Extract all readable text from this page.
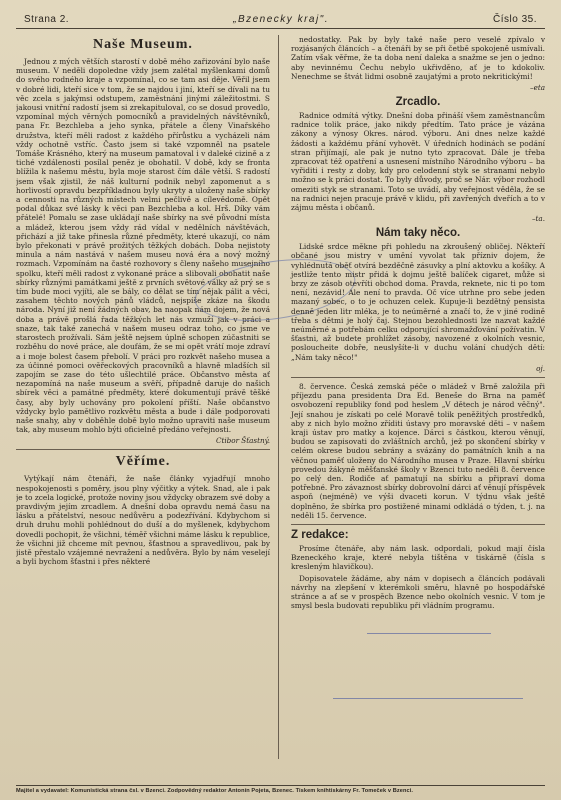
Strana 2.	„Bzenecky kraj".	Číslo 35.
Naše Museum.

Jednou z mých větších starostí v době mého zařizování bylo naše museum. V neděli dopoledne vždy jsem zalétal myšlenkami domů do svého rodného kraje a vzpomínal, co se tam asi děje. Věřil jsem v dobré lidi, kteří sice v tom, že se najdou i jiní, kteří se dívali na tu věc zcela s jakýmsi odstupem, zaměstnání jinými záležitostmi. S jakousi vnitřní radostí jsem si zrekapituloval, co se dosud provedlo, vzpomínal mých věrných pomocníků a pravidelných návštěvníků, pana Fr. Bezchleba a jeho synka, přátele a členy Vinařského družstva, kteří měli radost z každého přírůstku a vycházeli nám vždy ochotně vstříc. Často jsem si také vzpomněl na psatele Tomáše Krásného, který na museum pamatoval i v daleké cizině a z tiché vzdálenosti posílal peněz je obohatil. V době, kdy se fronta blížila k našemu městu, byla moje starost čím dále větší. S radostí jsem však zjistil, že náš kulturní podnik nebyl zapomenut a s horlivostí opravdu bezpříkladnou byly ukryty a uloženy naše sbírky a cennosti na různých místech velmi pečlivě a cílevědomě. Opět podal důkaz své lásky k věci pan Bezchleba a kol. Hrš. Díky vám přátelé! Pomalu se zase ukládají naše sbírky na své původní místa a mládež, kterou jsem vždy rád vídal v nedělních návštěvách, přichází a již take přinesla různé předměty, které ukazují, co nám bylo překonati v právě prožitých těžkých dobách. Doba nejistoty minula a nám nastává v našem museu nová éra a nový možný rozmach. Vzpomínám na časté rozhovory s členy našeho musejního spolku, kteří měli radost z vykonané práce a slibovali obohatit naše sbírky různými památkami ještě z prvních světové války až prý se s tím bude moci vyjíti, ale se bály, co dělat se tím nějak pálit a věci, zasahem těchto nových pánů vládců, nejspíše zkáze na škodu národa. Nyní již není žádných obav, ba naopak nám dojem, že nová doba a právě prošlá řada těžkých let nás vzmuží jak v práci a snaze, tak také zanechá v našem museu odraz toho, co jsme ve starostech prožívali. Sám ještě nejsem úplně schopen zúčastniti se rozběhu do nové práce, ale doufám, že se mi opět vrátí moje zdraví a i moje bolest časem přebolí. V práci pro rozkvět našeho musea a za účinné pomoci ověřeckových pracovníků a hlavně mladších sil zapojím se zase do této ušlechtilé práce. Občanstvo města ať nezapomíná na naše museum a svěří, případně daruje do našich sbírek věci a památné předměty, které dokumentují právě těšké časy, aby byly uchovány pro pokolení příští. Naše občanstvo vždycky bylo pamětlivo rozkvětu města a bude i dále podporovati naše snahy, aby v doběhle době bylo možno upraviti naše museum tak, aby museum mohlo býti oficielně předáno veřejnosti.

Ctibor Šťastný.
Věříme.

Vytýkají nám čtenáři, že naše články vyjadřují mnoho nespokojenosti s poměry, jsou plny výčitky a výtek. Snad, ale i pak je to zcela logické, protože noviny jsou vždycky obrazem své doby a pravdivým jejím zrcadlem. A dnešní doba opravdu nemá času na lásku a přátelství, nesouc nedůvěru a podezřívání. Kdybychom si druh druhu mohli pohlédnout do duší a do myšlenek, kdybychom dovedli pochopit, že všichni, téměř všichni máme lásku k republice, že všichni již chceme mít pevnou, šťastnou a spravedlivou, pak by jistě přestalo vzájemné nevražení a nedůvěra. Bylo by nám veselejí a byli bychom šťastni i přes některé

nedostatky. Pak by byly také naše pero veselé zpívalo v rozjásaných článcích – a čtenáři by se při četbě spokojeně usmívali. Zatím však věřme, že ta doba není daleka a snažme se jen o jedno: aby nevinnému Čechu nebylo ukřivděno, ať je to kdokoliv. Nenechme se štvát lidmi osobně zaujatými a proto nekritickými!

–eta
Zrcadlo.

Radnice odmítá výtky. Dnešní doba přináší všem zaměstnancům radnice tolik práce, jako nikdy předtím. Tato práce je vázána zákony a výnosy Okres. národ. výboru. Ani dnes nelze každé žádosti a každému přání vyhovět. V úředních hodinách se podání stran přijímají, ale pak je nutno tyto zpracovat. Dále je třeba zpracovat též opatření a usnesení místního Národního výboru – ba vyřiditi i resty z doby, kdy pro celodenní styk se stranami nebylo možno se k práci dostat. To byly důvody, proč se Nár. výbor rozhodl omeziti styk se stranami. Toto se uvádí, aby veřejnost věděla, že se na radnici nejen pracuje právě v klidu, při zavřených dveřích a to v zájmu města i občanů.

–ta.
Nám taky něco.

Lidské srdce měkne při pohledu na zkroušený obličej. Někteří občané jsou mistry v umění vyvolat tak přízniv dojem, že vyhlédnutá oběť otvírá bezděčně zásuvky a plní aktovku a košíky. A jestliže tento mistr přidá k dojmu ještě balíček cigaret, může si brzy ze zásob otevříti obchod doma. Pravda, reknete, nic ti po tom není, nezávid! Ale není to pravda. Oč více utrhne pro sebe jeden mazaný sobec, o to je ochuzen celek. Kupuje-li bezdětný pensista denně jeden litr mléka, je to neúměrné a značí to, že v jiné rodině třeba s dětmi je holý čaj. Stejnou bezohlednosti lze nazvat každé neúměrné a potřebám celku odporující shromažďování požívatin. V šťastni, až budete prohlížet zásoby, navozené z okolních vesnic, posloucheite dobře, neuslyšíte-li v duchu volání chudých dětí: „Nám taky něco!"

oj.

8. července. Česká zemská péče o mládež v Brně založila při příjezdu pana presidenta Dra Ed. Beneše do Brna na paměť osvobození republiky fond pod heslem „V dětech je národ věčný". Její snahou je získati po celé Moravě tolik peněžitých prostředků, aby z nich bylo možno zříditi ústavy pro moravské děti – v našem kraji ústav pro matky a kojence. Dárci s částkou, kterou věnují, budou se zapisovati do zvláštních archů, jež po skončení sbírky v celém okrese budou sebrány a svázány do památních knih a na věčnou paměť uloženy do Národního musea v Praze. Hlavní sbírku provedou žákyně měšťanské školy v Bzenci tuto neděli 8. července po celý den. Rodiče ať pamatují na sbírku a připraví doma potřebné. Pro závaznost sbírky dobrovolní dárci ať věnují příspěvek aspoň (nejméně) ve výši dvaceti korun. V týdnu však ještě doplněno, že sbírka pro postižené minami odkládá o týden, t. j. na neděli 15. července.

Z redakce:

Prosíme čtenáře, aby nám lask. odpordali, pokud mají čísla Bzeneckého kraje, které nebyla tištěna v tiskárně (čísla s kresleným hlavičkou).

Dopisovatele žádáme, aby nám v dopisech a článcích podávali návrhy na zlepšení v kterémkoli směru, hlavně po hospodářské stránce a ať se v prospěch Bzence nebo okolních vesnic. V tom je smysl besla budovati republiku při vládním programu.

Majitel a vydavatel: Komunistická strana čsl. v Bzenci. Zodpovědný redaktor Antonín Pojeta, Bzenec. Tiskem knihtiskárny Fr. Tomeček v Bzenci.
